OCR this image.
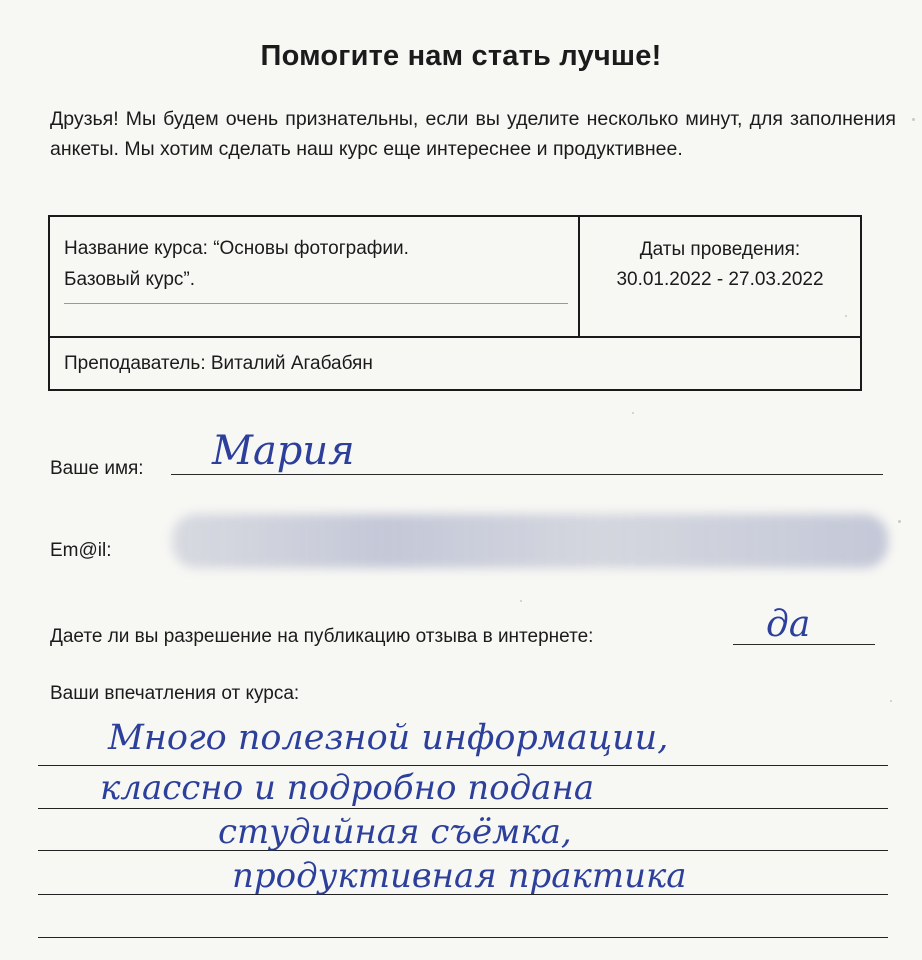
Помогите нам стать лучше!
Друзья! Мы будем очень признательны, если вы уделите несколько минут, для заполнения анкеты. Мы хотим сделать наш курс еще интереснее и продуктивнее.
Название курса: “Основы фотографии.
Базовый курс”.
Даты проведения:
30.01.2022 - 27.03.2022
Преподаватель: Виталий Агабабян
Ваше имя: Мария
Em@il:
Даете ли вы разрешение на публикацию отзыва в интернете:	да
Ваши впечатления от курса:
Много полезной информации,
классно и подробно подана
студийная съёмка,
продуктивная практика
